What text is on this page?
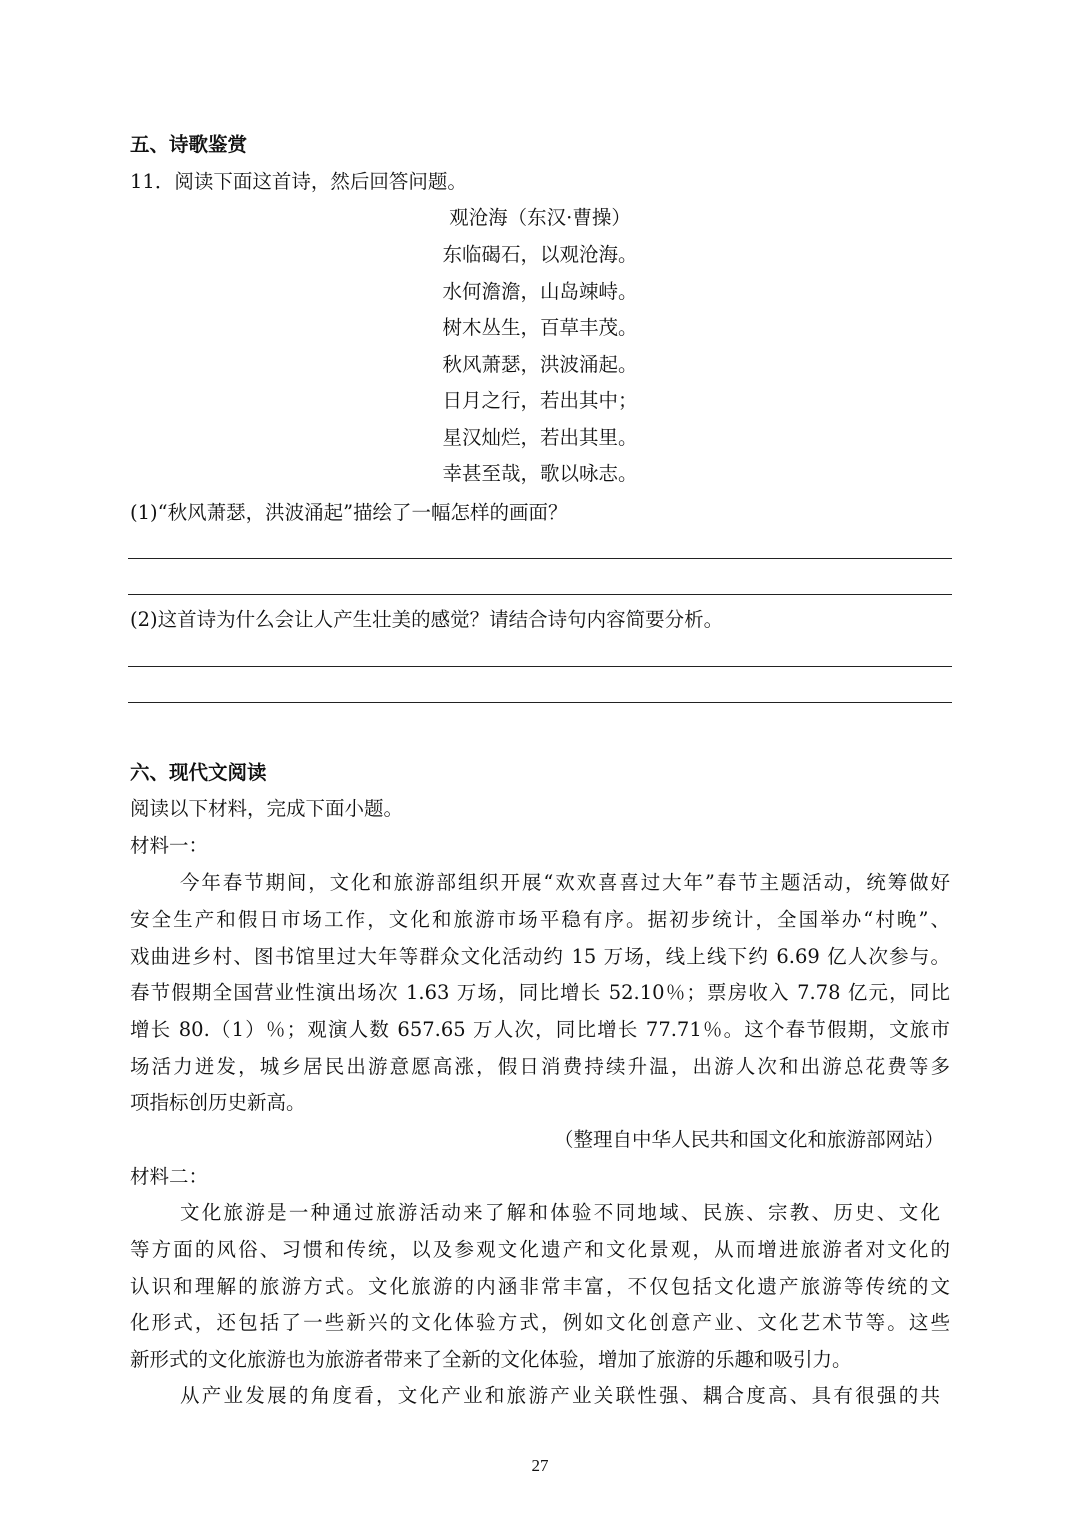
五、诗歌鉴赏
11．阅读下面这首诗，然后回答问题。
观沧海（东汉·曹操）
东临碣石，以观沧海。
水何澹澹，山岛竦峙。
树木丛生，百草丰茂。
秋风萧瑟，洪波涌起。
日月之行，若出其中；
星汉灿烂，若出其里。
幸甚至哉，歌以咏志。
(1)“秋风萧瑟，洪波涌起”描绘了一幅怎样的画面？
(2)这首诗为什么会让人产生壮美的感觉？请结合诗句内容简要分析。
六、现代文阅读
阅读以下材料，完成下面小题。
材料一：
今年春节期间，文化和旅游部组织开展“欢欢喜喜过大年”春节主题活动，统筹做好
安全生产和假日市场工作，文化和旅游市场平稳有序。据初步统计，全国举办“村晚”、
戏曲进乡村、图书馆里过大年等群众文化活动约 15 万场，线上线下约 6.69 亿人次参与。
春节假期全国营业性演出场次 1.63 万场，同比增长 52.10％；票房收入 7.78 亿元，同比
增长 80.（1）％；观演人数 657.65 万人次，同比增长 77.71％。这个春节假期，文旅市
场活力迸发，城乡居民出游意愿高涨，假日消费持续升温，出游人次和出游总花费等多
项指标创历史新高。
（整理自中华人民共和国文化和旅游部网站）
材料二：
文化旅游是一种通过旅游活动来了解和体验不同地域、民族、宗教、历史、文化
等方面的风俗、习惯和传统，以及参观文化遗产和文化景观，从而增进旅游者对文化的
认识和理解的旅游方式。文化旅游的内涵非常丰富，不仅包括文化遗产旅游等传统的文
化形式，还包括了一些新兴的文化体验方式，例如文化创意产业、文化艺术节等。这些
新形式的文化旅游也为旅游者带来了全新的文化体验，增加了旅游的乐趣和吸引力。
从产业发展的角度看，文化产业和旅游产业关联性强、耦合度高、具有很强的共
27
